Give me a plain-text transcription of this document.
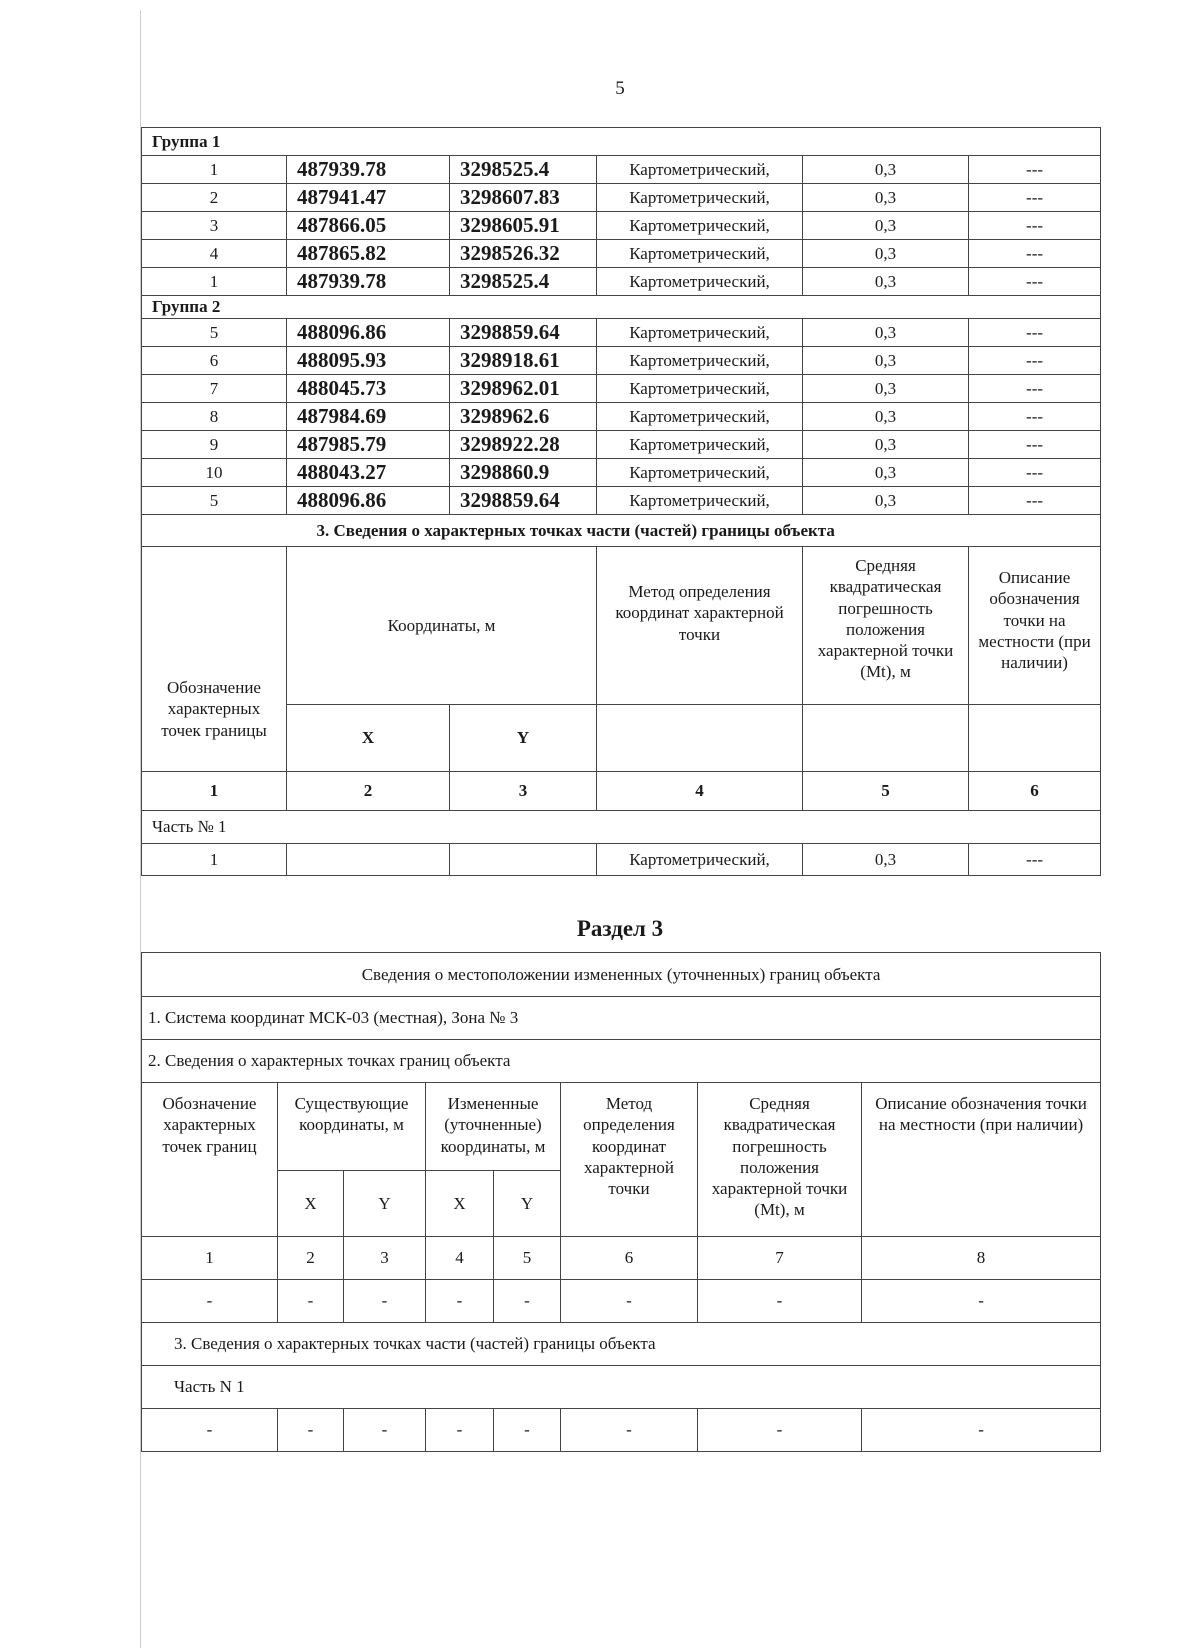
5
Группа 1					
1	487939.78	3298525.4	Картометрический,	0,3	---
2	487941.47	3298607.83	Картометрический,	0,3	---
3	487866.05	3298605.91	Картометрический,	0,3	---
4	487865.82	3298526.32	Картометрический,	0,3	---
1	487939.78	3298525.4	Картометрический,	0,3	---
Группа 2					
5	488096.86	3298859.64	Картометрический,	0,3	---
6	488095.93	3298918.61	Картометрический,	0,3	---
7	488045.73	3298962.01	Картометрический,	0,3	---
8	487984.69	3298962.6	Картометрический,	0,3	---
9	487985.79	3298922.28	Картометрический,	0,3	---
10	488043.27	3298860.9	Картометрический,	0,3	---
5	488096.86	3298859.64	Картометрический,	0,3	---
	3. Сведения о характерных точках части (частей) границы объекта				
Обозначение характерных точек границы	Координаты, м		Метод определения координат характерной точки	Средняя квадратическая погрешность положения характерной точки (Mt), м	Описание обозначения точки на местности (при наличии)
	X	Y			
1	2	3	4	5	6
Часть № 1					
1			Картометрический,	0,3	---
Раздел 3
Сведения о местоположении измененных (уточненных) границ объекта							
1. Система координат МСК-03 (местная), Зона № 3							
2. Сведения о характерных точках границ объекта							
Обозначение характерных точек границ	Существующие координаты, м		Измененные (уточненные) координаты, м		Метод определения координат характерной точки	Средняя квадратическая погрешность положения характерной точки (Mt), м	Описание обозначения точки на местности (при наличии)
	X	Y	X	Y			
1	2	3	4	5	6	7	8
-	-	-	-	-	-	-	-
3. Сведения о характерных точках части (частей) границы объекта							
Часть N 1							
-	-	-	-	-	-	-	-
